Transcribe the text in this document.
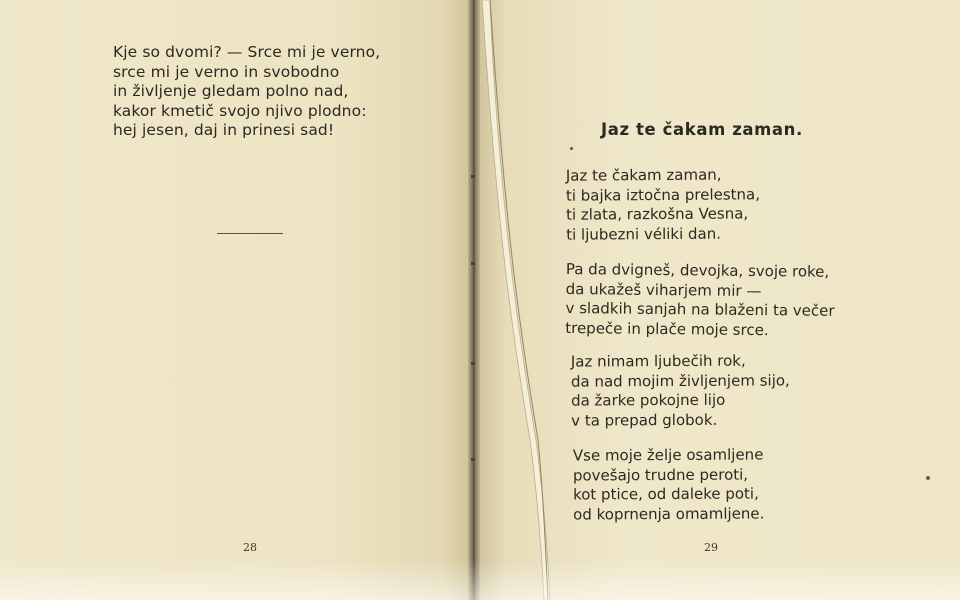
Kje so dvomi? — Srce mi je verno,
srce mi je verno in svobodno
in življenje gledam polno nad,
kakor kmetič svojo njivo plodno:
hej jesen, daj in prinesi sad!
28
Jaz te čakam zaman.
Jaz te čakam zaman,
ti bajka iztočna prelestna,
ti zlata, razkošna Vesna,
ti ljubezni véliki dan.
Pa da dvigneš, devojka, svoje roke,
da ukažeš viharjem mir —
v sladkih sanjah na blaženi ta večer
trepeče in plače moje srce.
Jaz nimam ljubečih rok,
da nad mojim življenjem sijo,
da žarke pokojne lijo
v ta prepad globok.
Vse moje želje osamljene
povešajo trudne peroti,
kot ptice, od daleke poti,
od koprnenja omamljene.
29
